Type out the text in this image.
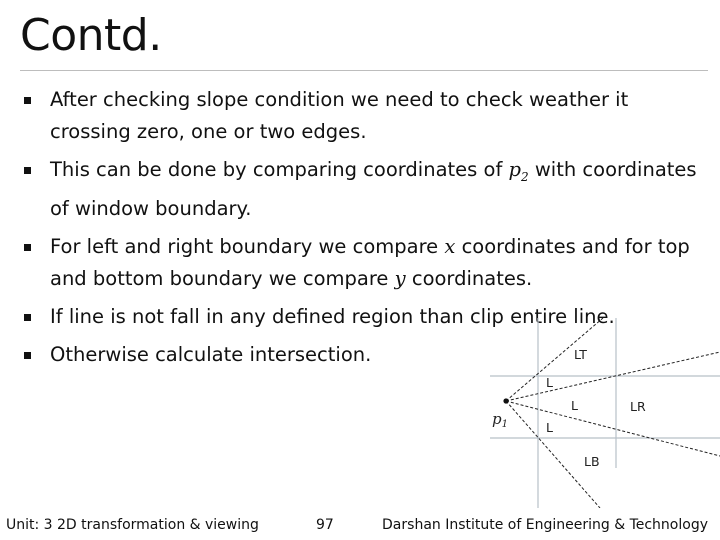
Contd.
After checking slope condition we need to check weather it crossing zero, one or two edges.
This can be done by comparing coordinates of $p_2$ with coordinates of window boundary.
For left and right boundary we compare x coordinates and for top and bottom boundary we compare y coordinates.
If line is not fall in any defined region than clip entire line.
Otherwise calculate intersection.
$p_1$
LT
L
L	LR
L
LB
Unit: 3 2D transformation & viewing	97	Darshan Institute of Engineering & Technology
